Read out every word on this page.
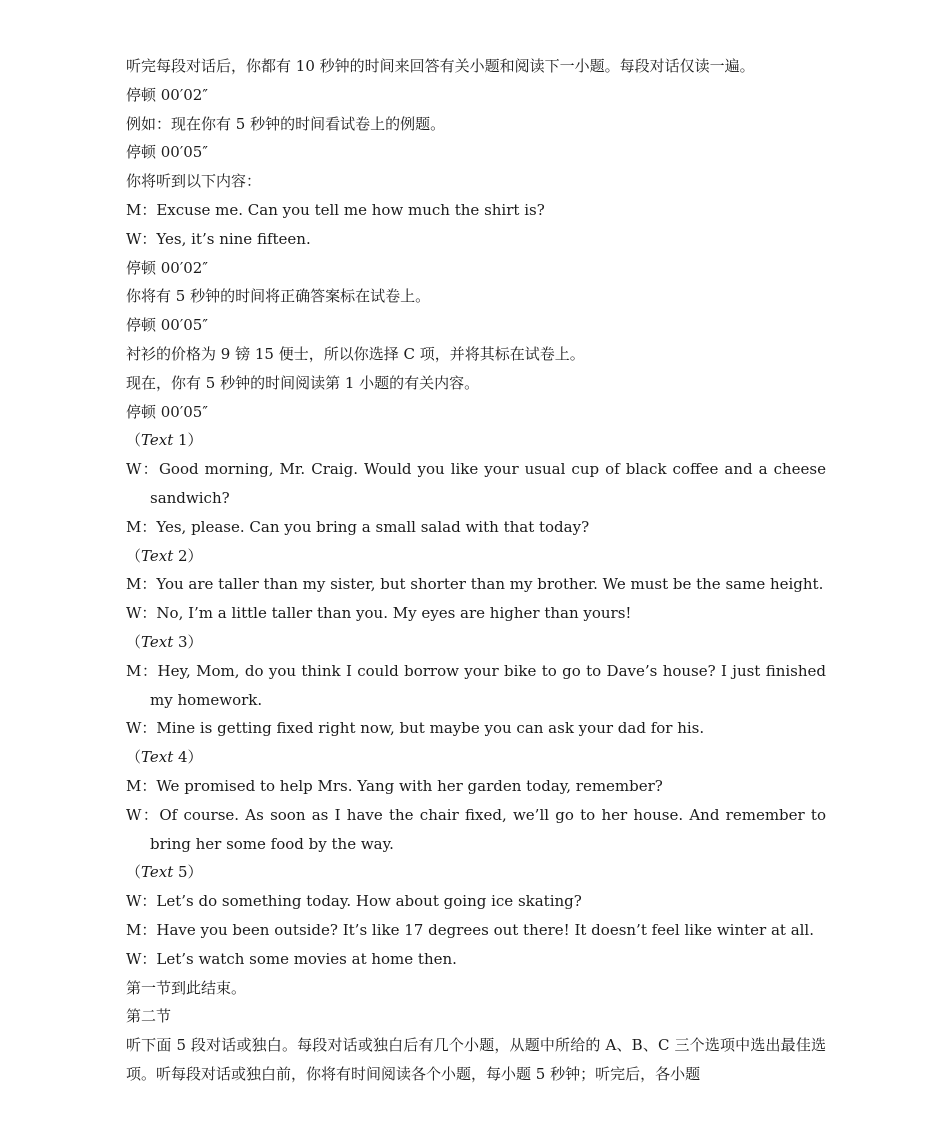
听完每段对话后，你都有 10 秒钟的时间来回答有关小题和阅读下一小题。每段对话仅读一遍。
停顿 00′02″
例如：现在你有 5 秒钟的时间看试卷上的例题。
停顿 00′05″
你将听到以下内容：
M：Excuse me. Can you tell me how much the shirt is?
W：Yes, it’s nine fifteen.
停顿 00′02″
你将有 5 秒钟的时间将正确答案标在试卷上。
停顿 00′05″
衬衫的价格为 9 镑 15 便士，所以你选择 C 项，并将其标在试卷上。
现在，你有 5 秒钟的时间阅读第 1 小题的有关内容。
停顿 00′05″
（Text 1）
W：Good morning, Mr. Craig. Would you like your usual cup of black coffee and a cheese sandwich?
M：Yes, please. Can you bring a small salad with that today?
（Text 2）
M：You are taller than my sister, but shorter than my brother. We must be the same height.
W：No, I’m a little taller than you. My eyes are higher than yours!
（Text 3）
M：Hey, Mom, do you think I could borrow your bike to go to Dave’s house? I just finished my homework.
W：Mine is getting fixed right now, but maybe you can ask your dad for his.
（Text 4）
M：We promised to help Mrs. Yang with her garden today, remember?
W：Of course. As soon as I have the chair fixed, we’ll go to her house. And remember to bring her some food by the way.
（Text 5）
W：Let’s do something today. How about going ice skating?
M：Have you been outside? It’s like 17 degrees out there! It doesn’t feel like winter at all.
W：Let’s watch some movies at home then.
第一节到此结束。
第二节
听下面 5 段对话或独白。每段对话或独白后有几个小题，从题中所给的 A、B、C 三个选项中选出最佳选项。听每段对话或独白前，你将有时间阅读各个小题，每小题 5 秒钟；听完后，各小题
